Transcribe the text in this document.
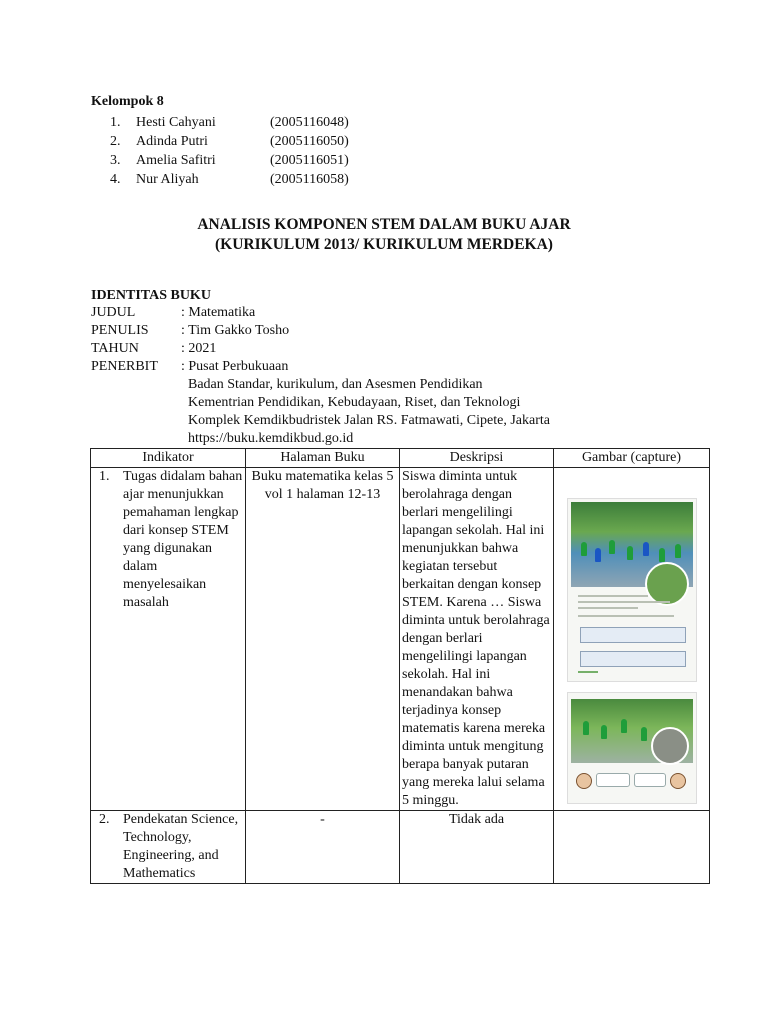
Kelompok 8
1. Hesti Cahyani	(2005116048)
2. Adinda Putri	(2005116050)
3. Amelia Safitri	(2005116051)
4. Nur Aliyah	(2005116058)
ANALISIS KOMPONEN STEM DALAM BUKU AJAR
(KURIKULUM 2013/ KURIKULUM MERDEKA)
IDENTITAS BUKU
JUDUL	: Matematika
PENULIS : Tim Gakko Tosho
TAHUN	: 2021
PENERBIT : Pusat Perbukuaan
Badan Standar, kurikulum, dan Asesmen Pendidikan
Kementrian Pendidikan, Kebudayaan, Riset, dan Teknologi
Komplek Kemdikbudristek Jalan RS. Fatmawati, Cipete, Jakarta
https://buku.kemdikbud.go.id
Indikator	Halaman Buku	Deskripsi	Gambar (capture)

1. Tugas didalam bahan ajar menunjukkan pemahaman lengkap dari konsep STEM yang digunakan dalam menyelesaikan masalah	Buku matematika kelas 5 vol 1 halaman 12-13	Siswa diminta untuk berolahraga dengan berlari mengelilingi lapangan sekolah. Hal ini menunjukkan bahwa kegiatan tersebut berkaitan dengan konsep STEM. Karena … Siswa diminta untuk berolahraga dengan berlari mengelilingi lapangan sekolah. Hal ini menandakan bahwa terjadinya konsep matematis karena mereka diminta untuk mengitung berapa banyak putaran yang mereka lalui selama 5 minggu.	

2. Pendekatan Science, Technology, Engineering, and Mathematics	-	Tidak ada	
